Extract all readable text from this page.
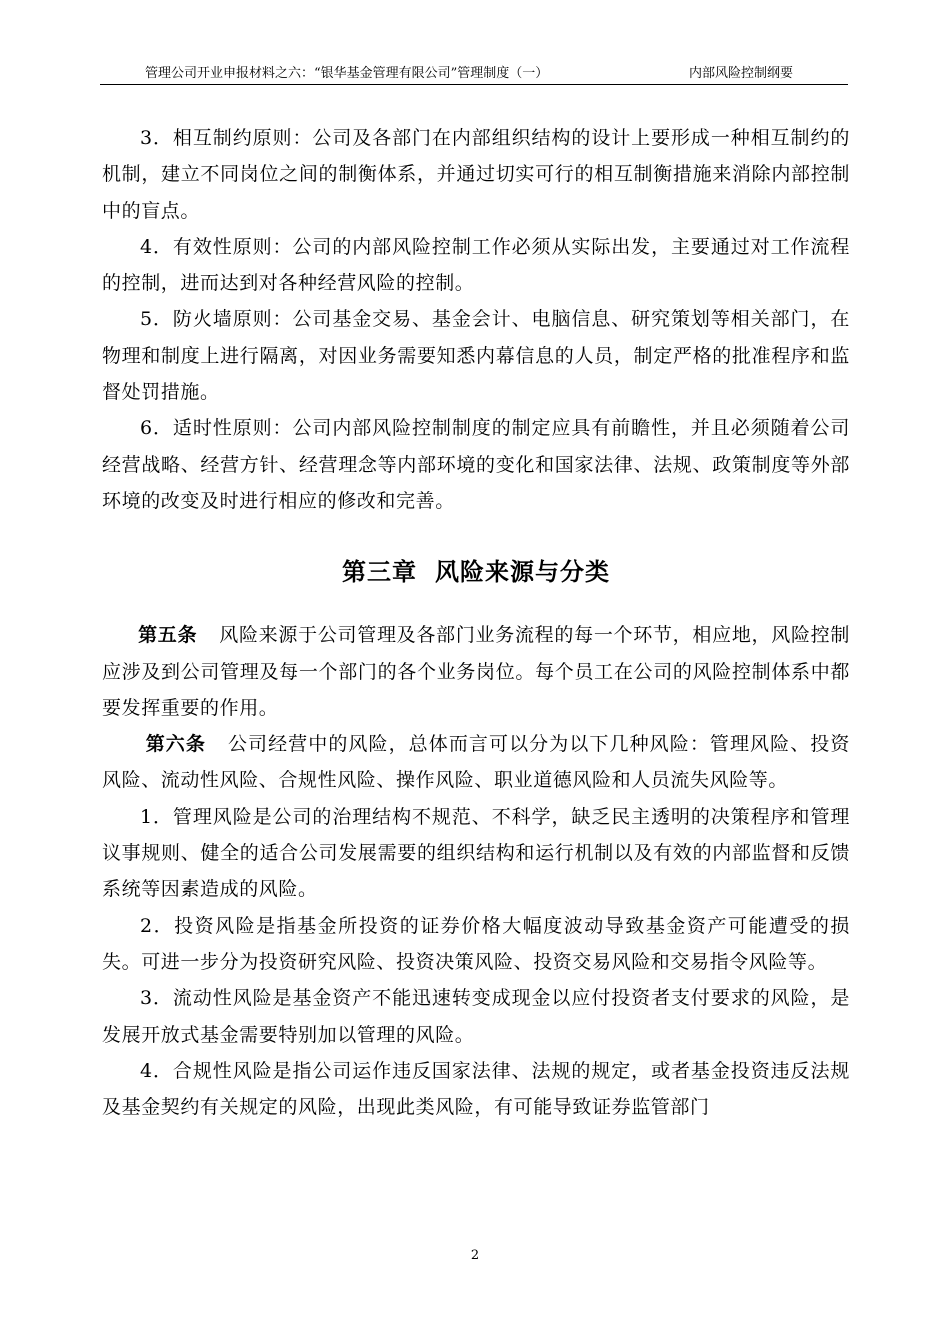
管理公司开业申报材料之六：“银华基金管理有限公司”管理制度（一）	内部风险控制纲要

3．相互制约原则：公司及各部门在内部组织结构的设计上要形成一种相互制约的机制，建立不同岗位之间的制衡体系，并通过切实可行的相互制衡措施来消除内部控制中的盲点。

4．有效性原则：公司的内部风险控制工作必须从实际出发，主要通过对工作流程的控制，进而达到对各种经营风险的控制。

5．防火墙原则：公司基金交易、基金会计、电脑信息、研究策划等相关部门，在物理和制度上进行隔离，对因业务需要知悉内幕信息的人员，制定严格的批准程序和监督处罚措施。

6．适时性原则：公司内部风险控制制度的制定应具有前瞻性，并且必须随着公司经营战略、经营方针、经营理念等内部环境的变化和国家法律、法规、政策制度等外部环境的改变及时进行相应的修改和完善。

第三章 风险来源与分类

第五条 风险来源于公司管理及各部门业务流程的每一个环节，相应地，风险控制应涉及到公司管理及每一个部门的各个业务岗位。每个员工在公司的风险控制体系中都要发挥重要的作用。

第六条 公司经营中的风险，总体而言可以分为以下几种风险：管理风险、投资风险、流动性风险、合规性风险、操作风险、职业道德风险和人员流失风险等。

1．管理风险是公司的治理结构不规范、不科学，缺乏民主透明的决策程序和管理议事规则、健全的适合公司发展需要的组织结构和运行机制以及有效的内部监督和反馈系统等因素造成的风险。

2．投资风险是指基金所投资的证券价格大幅度波动导致基金资产可能遭受的损失。可进一步分为投资研究风险、投资决策风险、投资交易风险和交易指令风险等。

3．流动性风险是基金资产不能迅速转变成现金以应付投资者支付要求的风险，是发展开放式基金需要特别加以管理的风险。

4．合规性风险是指公司运作违反国家法律、法规的规定，或者基金投资违反法规及基金契约有关规定的风险，出现此类风险，有可能导致证券监管部门

2
